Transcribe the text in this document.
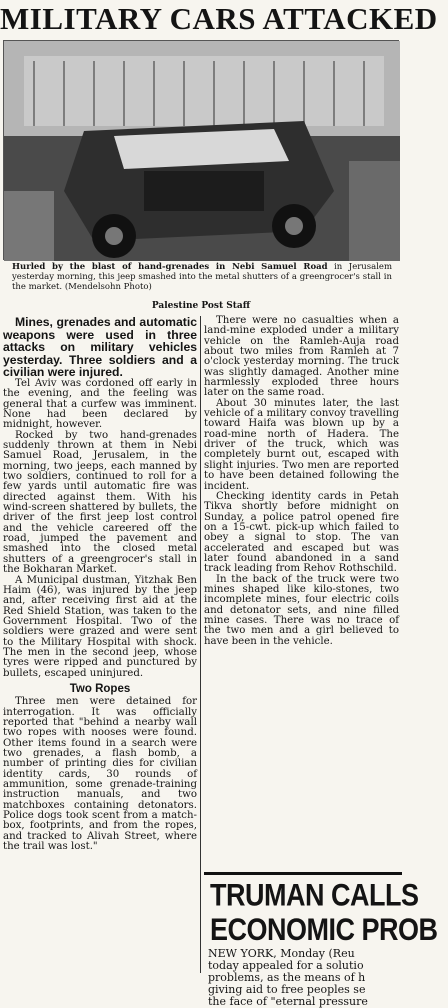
MILITARY CARS ATTACKED
Hurled by the blast of hand-grenades in Nebi Samuel Road in Jerusalem yesterday morning, this jeep smashed into the metal shutters of a greengrocer's stall in the market. (Mendelsohn Photo)
Palestine Post Staff

Mines, grenades and automatic weapons were used in three attacks on military vehicles yesterday. Three soldiers and a civilian were injured.

Tel Aviv was cordoned off early in the evening, and the feeling was general that a curfew was imminent. None had been declared by midnight, however.

Rocked by two hand-grenades suddenly thrown at them in Nebi Samuel Road, Jerusalem, in the morning, two jeeps, each manned by two soldiers, continued to roll for a few yards until automatic fire was directed against them. With his wind-screen shattered by bullets, the driver of the first jeep lost control and the vehicle careered off the road, jumped the pavement and smashed into the closed metal shutters of a greengrocer's stall in the Bokharan Market.

A Municipal dustman, Yitzhak Ben Haim (46), was injured by the jeep and, after receiving first aid at the Red Shield Station, was taken to the Government Hospital. Two of the soldiers were grazed and were sent to the Military Hospital with shock. The men in the second jeep, whose tyres were ripped and punctured by bullets, escaped uninjured.

Two Ropes

Three men were detained for interrogation. It was officially reported that "behind a nearby wall two ropes with nooses were found. Other items found in a search were two grenades, a flash bomb, a number of printing dies for civilian identity cards, 30 rounds of ammunition, some grenade-training instruction manuals, and two matchboxes containing detonators. Police dogs took scent from a match-box, footprints, and from the ropes, and tracked to Alivah Street, where the trail was lost."

There were no casualties when a land-mine exploded under a military vehicle on the Ramleh-Auja road about two miles from Ramleh at 7 o'clock yesterday morning. The truck was slightly damaged. Another mine harmlessly exploded three hours later on the same road.

About 30 minutes later, the last vehicle of a military convoy travelling toward Haifa was blown up by a road-mine north of Hadera. The driver of the truck, which was completely burnt out, escaped with slight injuries. Two men are reported to have been detained following the incident.

Checking identity cards in Petah Tikva shortly before midnight on Sunday, a police patrol opened fire on a 15-cwt. pick-up which failed to obey a signal to stop. The van accelerated and escaped but was later found abandoned in a sand track leading from Rehov Rothschild.

In the back of the truck were two mines shaped like kilo-stones, two incomplete mines, four electric coils and detonator sets, and nine filled mine cases. There was no trace of the two men and a girl believed to have been in the vehicle.

TRUMAN CALLS
ECONOMIC PROB
NEW YORK, Monday (Reu
today appealed for a solutio
problems, as the means of h
giving aid to free peoples se
the face of "eternal pressure
